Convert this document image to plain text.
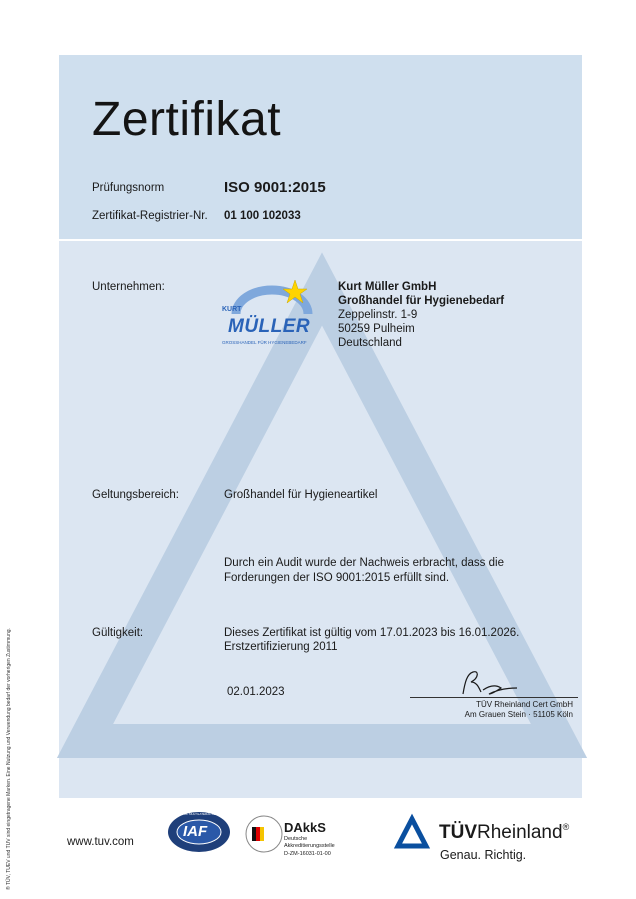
Zertifikat
Prüfungsnorm	ISO 9001:2015
Zertifikat-Registrier-Nr. 01 100 102033
Unternehmen:
KURT
MÜLLER
GROSSHANDEL FÜR HYGIENEBEDARF
Kurt Müller GmbH
Großhandel für Hygienebedarf
Zeppelinstr. 1-9
50259 Pulheim
Deutschland
Geltungsbereich:	Großhandel für Hygieneartikel
Durch ein Audit wurde der Nachweis erbracht, dass die
Forderungen der ISO 9001:2015 erfüllt sind.
Gültigkeit:	Dieses Zertifikat ist gültig vom 17.01.2023 bis 16.01.2026.
Erstzertifizierung 2011
02.01.2023
TÜV Rheinland Cert GmbH
Am Grauen Stein · 51105 Köln
® TÜV, TUEV und TUV sind eingetragene Marken. Eine Nutzung und Verwendung bedarf der vorherigen Zustimmung.	www.tuv.com
IAF
MEMBER OF MULTILATERAL RECOGNITION ARRANGEMENT
DAkkS
Deutsche
Akkreditierungsstelle
D-ZM-16031-01-00
TÜVRheinland®
Genau. Richtig.
